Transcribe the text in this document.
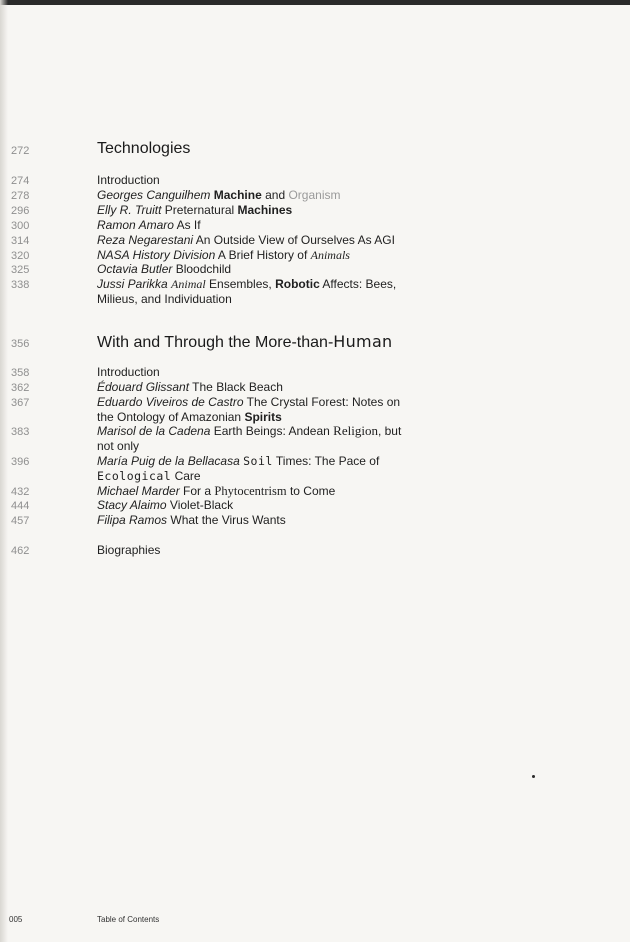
272	Technologies
274	Introduction
278	Georges Canguilhem Machine and Organism
296	Elly R. Truitt Preternatural Machines
300	Ramon Amaro As If
314	Reza Negarestani An Outside View of Ourselves As AGI
320	NASA History Division A Brief History of Animals
325	Octavia Butler Bloodchild
338	Jussi Parikka Animal Ensembles, Robotic Affects: Bees, Milieus, and Individuation
356	With and Through the More-than-Human
358	Introduction
362	Édouard Glissant The Black Beach
367	Eduardo Viveiros de Castro The Crystal Forest: Notes on the Ontology of Amazonian Spirits
383	Marisol de la Cadena Earth Beings: Andean Religion, but not only
396	María Puig de la Bellacasa Soil Times: The Pace of Ecological Care
432	Michael Marder For a Phytocentrism to Come
444	Stacy Alaimo Violet-Black
457	Filipa Ramos What the Virus Wants
462	Biographies
005	Table of Contents
